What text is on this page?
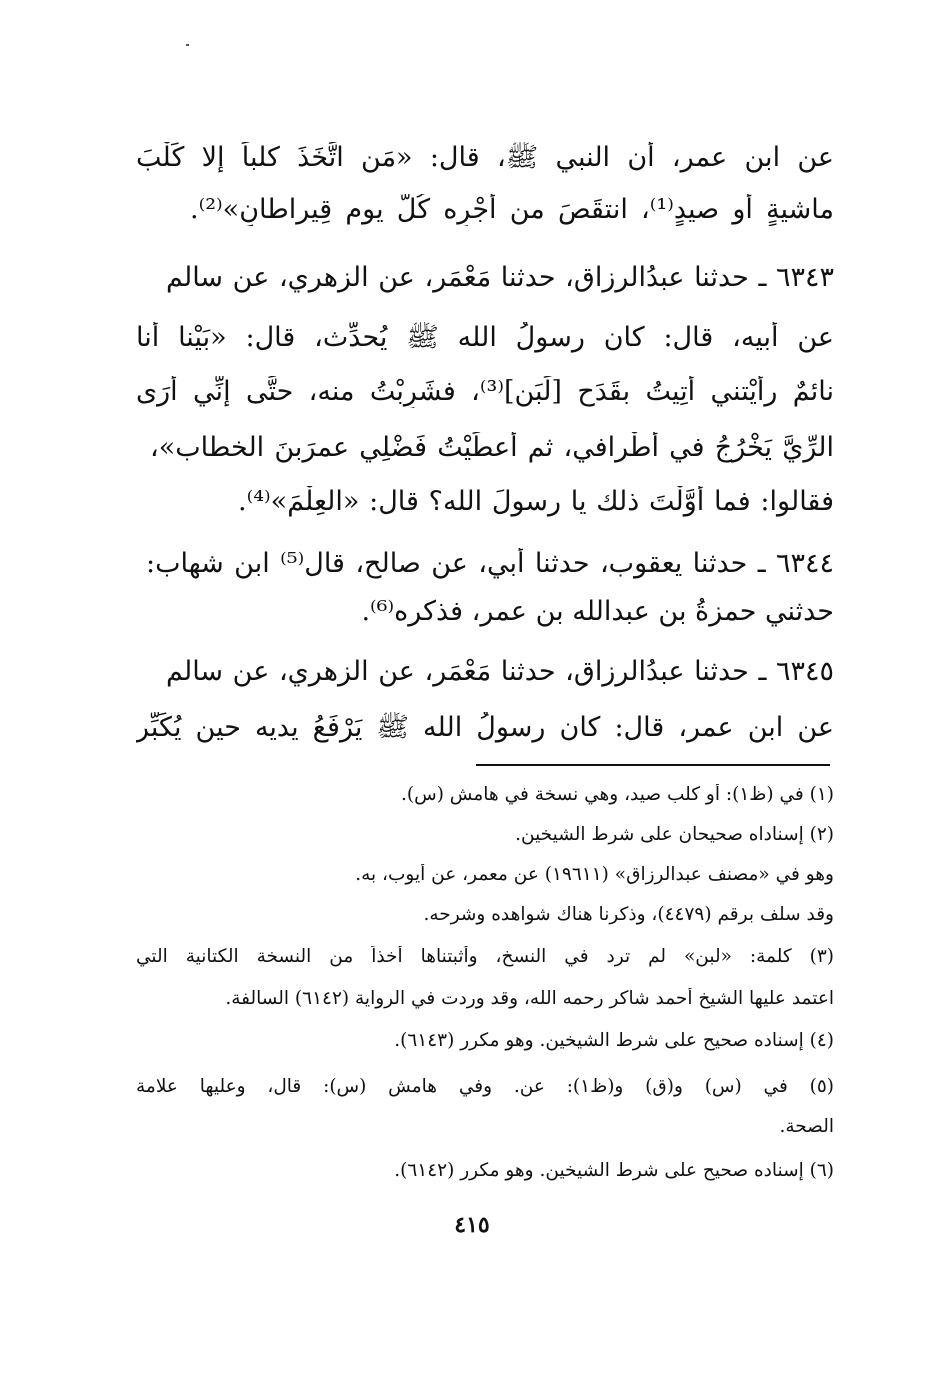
عن ابن عمر، أن النبي ﷺ، قال: «مَنِ اتَّخَذَ كلباً إلا كَلْبَ
ماشيةٍ أو صيدٍ⁽¹⁾، انتقَصَ من أَجْرِه كُلَّ يومٍ قِيراطانِ»⁽²⁾.
٦٣٤٣ ـ حدثنا عبدُالرزاق، حدثنا مَعْمَر، عن الزهري، عن سالم
عن أبيه، قال: كان رسولُ الله ﷺ يُحدِّث، قال: «بَيْنا أنا
نائمٌ رأَيْتني أُتِيتُ بقَدَحِ [لَبَنٍ]⁽³⁾، فشَرِبْتُ منه، حتَّى إنِّي أُرَى
الرِّيَّ يَخْرُجُ في أَطْرافي، ثم أَعطَيْتُ فَضْلِي عمرَبنَ الخطاب»،
فقالوا: فما أَوَّلْتَ ذلك يا رسولَ الله؟ قال: «العِلْمَ»⁽⁴⁾.
٦٣٤٤ ـ حدثنا يعقوب، حدثنا أبي، عن صالح، قال⁽⁵⁾ ابن شهاب:
حدثني حمزةُ بن عبدالله بن عمر، فذكره⁽⁶⁾.
٦٣٤٥ ـ حدثنا عبدُالرزاق، حدثنا مَعْمَر، عن الزهري، عن سالم
عن ابن عمر، قال: كان رسولُ الله ﷺ يَرْفَعُ يديه حين يُكَبِّر
(١) في (ظ١): أو كلب صيد، وهي نسخة في هامش (س).
(٢) إسناداه صحيحان على شرط الشيخين.
وهو في «مصنف عبدالرزاق» (١٩٦١١) عن معمر، عن أيوب، به.
وقد سلف برقم (٤٤٧٩)، وذكرنا هناك شواهده وشرحه.
(٣) كلمة: «لبن» لم ترد في النسخ، وأثبتناها أخذاً من النسخة الكتانية التي
اعتمد عليها الشيخ أحمد شاكر رحمه الله، وقد وردت في الرواية (٦١٤٢) السالفة.
(٤) إسناده صحيح على شرط الشيخين. وهو مكرر (٦١٤٣).
(٥) في (س) و(ق) و(ظ١): عن. وفي هامش (س): قال، وعليها علامة
الصحة.
(٦) إسناده صحيح على شرط الشيخين. وهو مكرر (٦١٤٢).
٤١٥
